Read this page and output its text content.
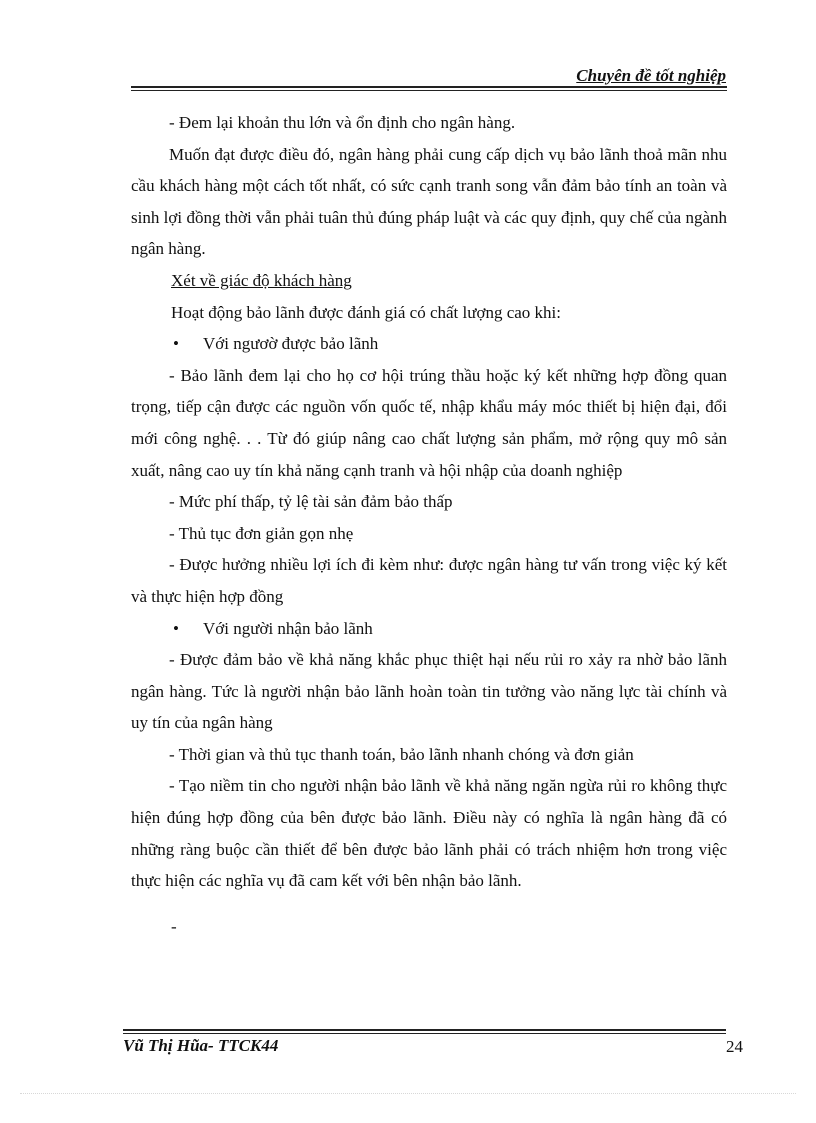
Chuyên đề tốt nghiệp

- Đem lại khoản thu lớn và ổn định cho ngân hàng.

Muốn đạt được điều đó, ngân hàng phải cung cấp dịch vụ bảo lãnh thoả mãn nhu cầu khách hàng một cách tốt nhất, có sức cạnh tranh song vẫn đảm bảo tính an toàn và sinh lợi đồng thời vẫn phải tuân thủ đúng pháp luật và các quy định, quy chế của ngành ngân hàng.

Xét về giác độ khách hàng

Hoạt động bảo lãnh được đánh giá có chất lượng cao khi:

• Với ngươờ được bảo lãnh

- Bảo lãnh đem lại cho họ cơ hội trúng thầu hoặc ký kết những hợp đồng quan trọng, tiếp cận được các nguồn vốn quốc tế, nhập khẩu máy móc thiết bị hiện đại, đổi mới công nghệ. . . Từ đó giúp nâng cao chất lượng sản phẩm, mở rộng quy mô sản xuất, nâng cao uy tín khả năng cạnh tranh và hội nhập của doanh nghiệp

- Mức phí thấp, tỷ lệ tài sản đảm bảo thấp

- Thủ tục đơn giản gọn nhẹ

- Được hưởng nhiều lợi ích đi kèm như: được ngân hàng tư vấn trong việc ký kết và thực hiện hợp đồng

• Với người nhận bảo lãnh

- Được đảm bảo về khả năng khắc phục thiệt hại nếu rủi ro xảy ra nhờ bảo lãnh ngân hàng. Tức là người nhận bảo lãnh hoàn toàn tin tưởng vào năng lực tài chính và uy tín của ngân hàng

- Thời gian và thủ tục thanh toán, bảo lãnh nhanh chóng và đơn giản

- Tạo niềm tin cho người nhận bảo lãnh về khả năng ngăn ngừa rủi ro không thực hiện đúng hợp đồng của bên được bảo lãnh. Điều này có nghĩa là ngân hàng đã có những ràng buộc cần thiết để bên được bảo lãnh phải có trách nhiệm hơn trong việc thực hiện các nghĩa vụ đã cam kết với bên nhận bảo lãnh.

-

Vũ Thị Hũa- TTCK44	24
